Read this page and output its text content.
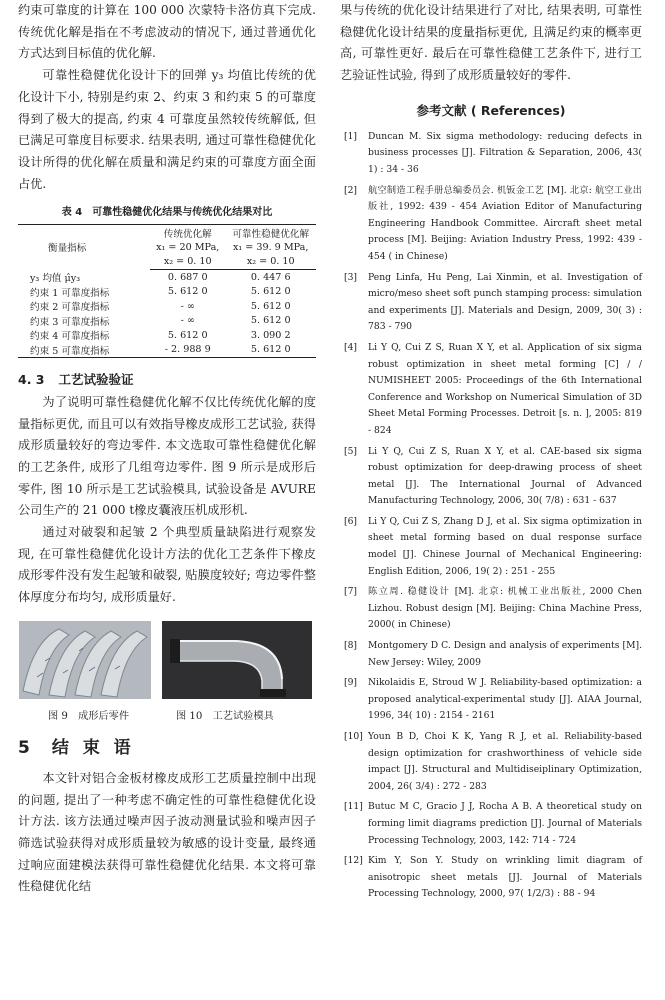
约束可靠度的计算在 100 000 次蒙特卡洛仿真下完成. 传统优化解是指在不考虑波动的情况下, 通过普通优化方式达到目标值的优化解.

可靠性稳健优化设计下的回弹 y₃ 均值比传统的优化设计下小, 特别是约束 2、约束 3 和约束 5 的可靠度得到了极大的提高, 约束 4 可靠度虽然较传统解低, 但已满足可靠度目标要求. 结果表明, 通过可靠性稳健优化设计所得的优化解在质量和满足约束的可靠度方面全面占优.

表 4　可靠性稳健优化结果与传统优化结果对比
衡量指标	传统优化解	可靠性稳健优化解
	x₁ = 20 MPa,	x₁ = 39. 9 MPa,
	x₂ = 0. 10	x₂ = 0. 10
y₃ 均值 μ̂y₃	0. 687 0	0. 447 6
约束 1 可靠度指标	5. 612 0	5. 612 0
约束 2 可靠度指标	- ∞	5. 612 0
约束 3 可靠度指标	- ∞	5. 612 0
约束 4 可靠度指标	5. 612 0	3. 090 2
约束 5 可靠度指标	- 2. 988 9	5. 612 0
4. 3 工艺试验验证

为了说明可靠性稳健优化解不仅比传统优化解的度量指标更优, 而且可以有效指导橡皮成形工艺试验, 获得成形质量较好的弯边零件. 本文选取可靠性稳健优化解的工艺条件, 成形了几组弯边零件. 图 9 所示是成形后零件, 图 10 所示是工艺试验模具, 试验设备是 AVURE 公司生产的 21 000 t橡皮囊液压机成形机.

通过对破裂和起皱 2 个典型质量缺陷进行观察发现, 在可靠性稳健优化设计方法的优化工艺条件下橡皮成形零件没有发生起皱和破裂, 贴膜度较好; 弯边零件整体厚度分布均匀, 成形质量好.

图 9　成形后零件	图 10　工艺试验模具
5 结 束 语

本文针对铝合金板材橡皮成形工艺质量控制中出现的问题, 提出了一种考虑不确定性的可靠性稳健优化设计方法. 该方法通过噪声因子波动测量试验和噪声因子筛选试验获得对成形质量较为敏感的设计变量, 最终通过响应面建模法获得可靠性稳健优化结果. 本文将可靠性稳健优化结

果与传统的优化设计结果进行了对比, 结果表明, 可靠性稳健优化设计结果的度量指标更优, 且满足约束的概率更高, 可靠性更好. 最后在可靠性稳健工艺条件下, 进行工艺验证性试验, 得到了成形质量较好的零件.

参考文献 ( References)
[1] Duncan M. Six sigma methodology: reducing defects in business processes [J]. Filtration & Separation, 2006, 43( 1) : 34 - 36
[2] 航空制造工程手册总编委员会. 机钣金工艺 [M]. 北京: 航空工业出版社, 1992: 439 - 454 Aviation Editor of Manufacturing Engineering Handbook Committee. Aircraft sheet metal process [M]. Beijing: Aviation Industry Press, 1992: 439 - 454 ( in Chinese)
[3] Peng Linfa, Hu Peng, Lai Xinmin, et al. Investigation of micro/meso sheet soft punch stamping process: simulation and experiments [J]. Materials and Design, 2009, 30( 3) : 783 - 790
[4] Li Y Q, Cui Z S, Ruan X Y, et al. Application of six sigma robust optimization in sheet metal forming [C] / / NUMISHEET 2005: Proceedings of the 6th International Conference and Workshop on Numerical Simulation of 3D Sheet Metal Forming Processes. Detroit [s. n. ], 2005: 819 - 824
[5] Li Y Q, Cui Z S, Ruan X Y, et al. CAE-based six sigma robust optimization for deep-drawing process of sheet metal [J]. The International Journal of Advanced Manufacturing Technology, 2006, 30( 7/8) : 631 - 637
[6] Li Y Q, Cui Z S, Zhang D J, et al. Six sigma optimization in sheet metal forming based on dual response surface model [J]. Chinese Journal of Mechanical Engineering: English Edition, 2006, 19( 2) : 251 - 255
[7] 陈立周. 稳健设计 [M]. 北京: 机械工业出版社, 2000 Chen Lizhou. Robust design [M]. Beijing: China Machine Press, 2000( in Chinese)
[8] Montgomery D C. Design and analysis of experiments [M]. New Jersey: Wiley, 2009
[9] Nikolaidis E, Stroud W J. Reliability-based optimization: a proposed analytical-experimental study [J]. AIAA Journal, 1996, 34( 10) : 2154 - 2161
[10] Youn B D, Choi K K, Yang R J, et al. Reliability-based design optimization for crashworthiness of vehicle side impact [J]. Structural and Multidiseiplinary Optimization, 2004, 26( 3/4) : 272 - 283
[11] Butuc M C, Gracio J J, Rocha A B. A theoretical study on forming limit diagrams prediction [J]. Journal of Materials Processing Technology, 2003, 142: 714 - 724
[12] Kim Y, Son Y. Study on wrinkling limit diagram of anisotropic sheet metals [J]. Journal of Materials Processing Technology, 2000, 97( 1/2/3) : 88 - 94
